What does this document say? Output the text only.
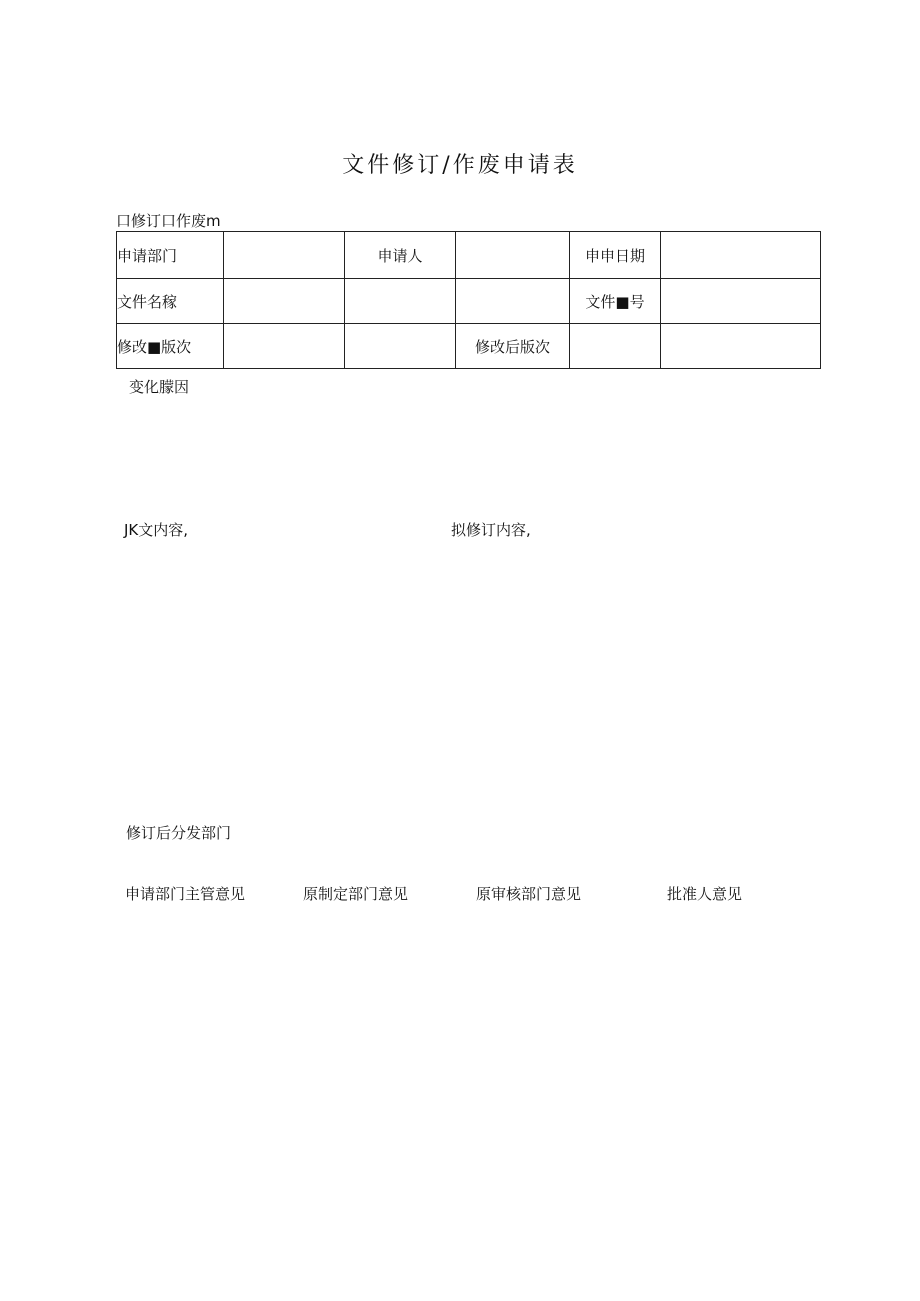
文件修订/作废申请表
口修订口作废m
申请部门		申请人		申申日期	
文件名稼				文件■号	
修改■版次			修改后版次		
变化朦因
JK文内容,	拟修订内容,
修订后分发部门
申请部门主管意见	原制定部门意见	原审核部门意见	批准人意见
